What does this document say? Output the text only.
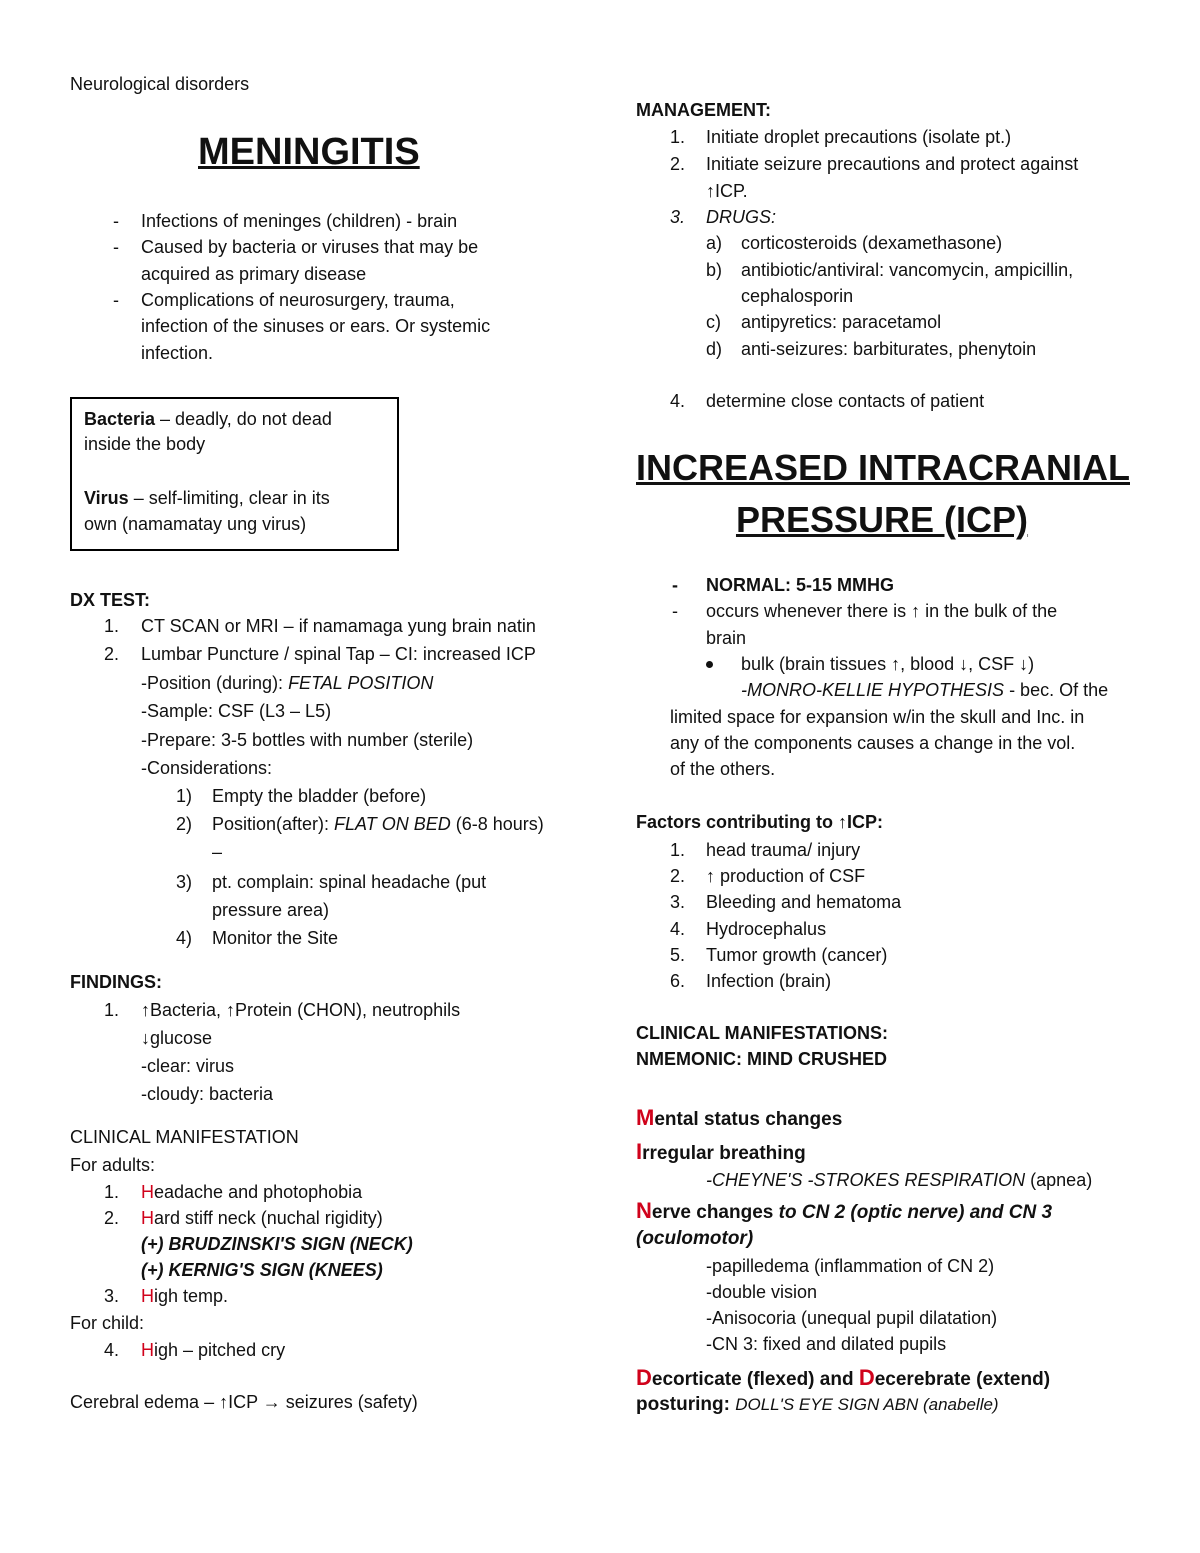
Neurological disorders
MENINGITIS
- Infections of meninges (children) - brain
- Caused by bacteria or viruses that may be
acquired as primary disease
- Complications of neurosurgery, trauma,
infection of the sinuses or ears. Or systemic
infection.
Bacteria – deadly, do not dead
inside the body
Virus – self-limiting, clear in its
own (namamatay ung virus)
DX TEST:
1. CT SCAN or MRI – if namamaga yung brain natin
2. Lumbar Puncture / spinal Tap – CI: increased ICP
-Position (during): FETAL POSITION
-Sample: CSF (L3 – L5)
-Prepare: 3-5 bottles with number (sterile)
-Considerations:
1) Empty the bladder (before)
2) Position(after): FLAT ON BED (6-8 hours)
–
3) pt. complain: spinal headache (put
pressure area)
4) Monitor the Site
FINDINGS:
1. ↑Bacteria, ↑Protein (CHON), neutrophils
↓glucose
-clear: virus
-cloudy: bacteria
CLINICAL MANIFESTATION
For adults:
1. Headache and photophobia
2. Hard stiff neck (nuchal rigidity)
(+) BRUDZINSKI'S SIGN (NECK)
(+) KERNIG'S SIGN (KNEES)
3. High temp.
For child:
4. High – pitched cry
Cerebral edema – ↑ICP → seizures (safety)
MANAGEMENT:
1. Initiate droplet precautions (isolate pt.)
2. Initiate seizure precautions and protect against
↑ICP.
3. DRUGS:
a) corticosteroids (dexamethasone)
b) antibiotic/antiviral: vancomycin, ampicillin,
cephalosporin
c) antipyretics: paracetamol
d) anti-seizures: barbiturates, phenytoin
4. determine close contacts of patient
INCREASED INTRACRANIAL
PRESSURE (ICP)
- NORMAL: 5-15 MMHG
- occurs whenever there is ↑ in the bulk of the
brain
bulk (brain tissues ↑, blood ↓, CSF ↓)
-MONRO-KELLIE HYPOTHESIS - bec. Of the
limited space for expansion w/in the skull and Inc. in
any of the components causes a change in the vol.
of the others.
Factors contributing to ↑ICP:
1. head trauma/ injury
2. ↑ production of CSF
3. Bleeding and hematoma
4. Hydrocephalus
5. Tumor growth (cancer)
6. Infection (brain)
CLINICAL MANIFESTATIONS:
NMEMONIC: MIND CRUSHED
Mental status changes
Irregular breathing
-CHEYNE'S -STROKES RESPIRATION (apnea)
Nerve changes to CN 2 (optic nerve) and CN 3
(oculomotor)
-papilledema (inflammation of CN 2)
-double vision
-Anisocoria (unequal pupil dilatation)
-CN 3: fixed and dilated pupils
Decorticate (flexed) and Decerebrate (extend)
posturing: DOLL'S EYE SIGN ABN (anabelle)
